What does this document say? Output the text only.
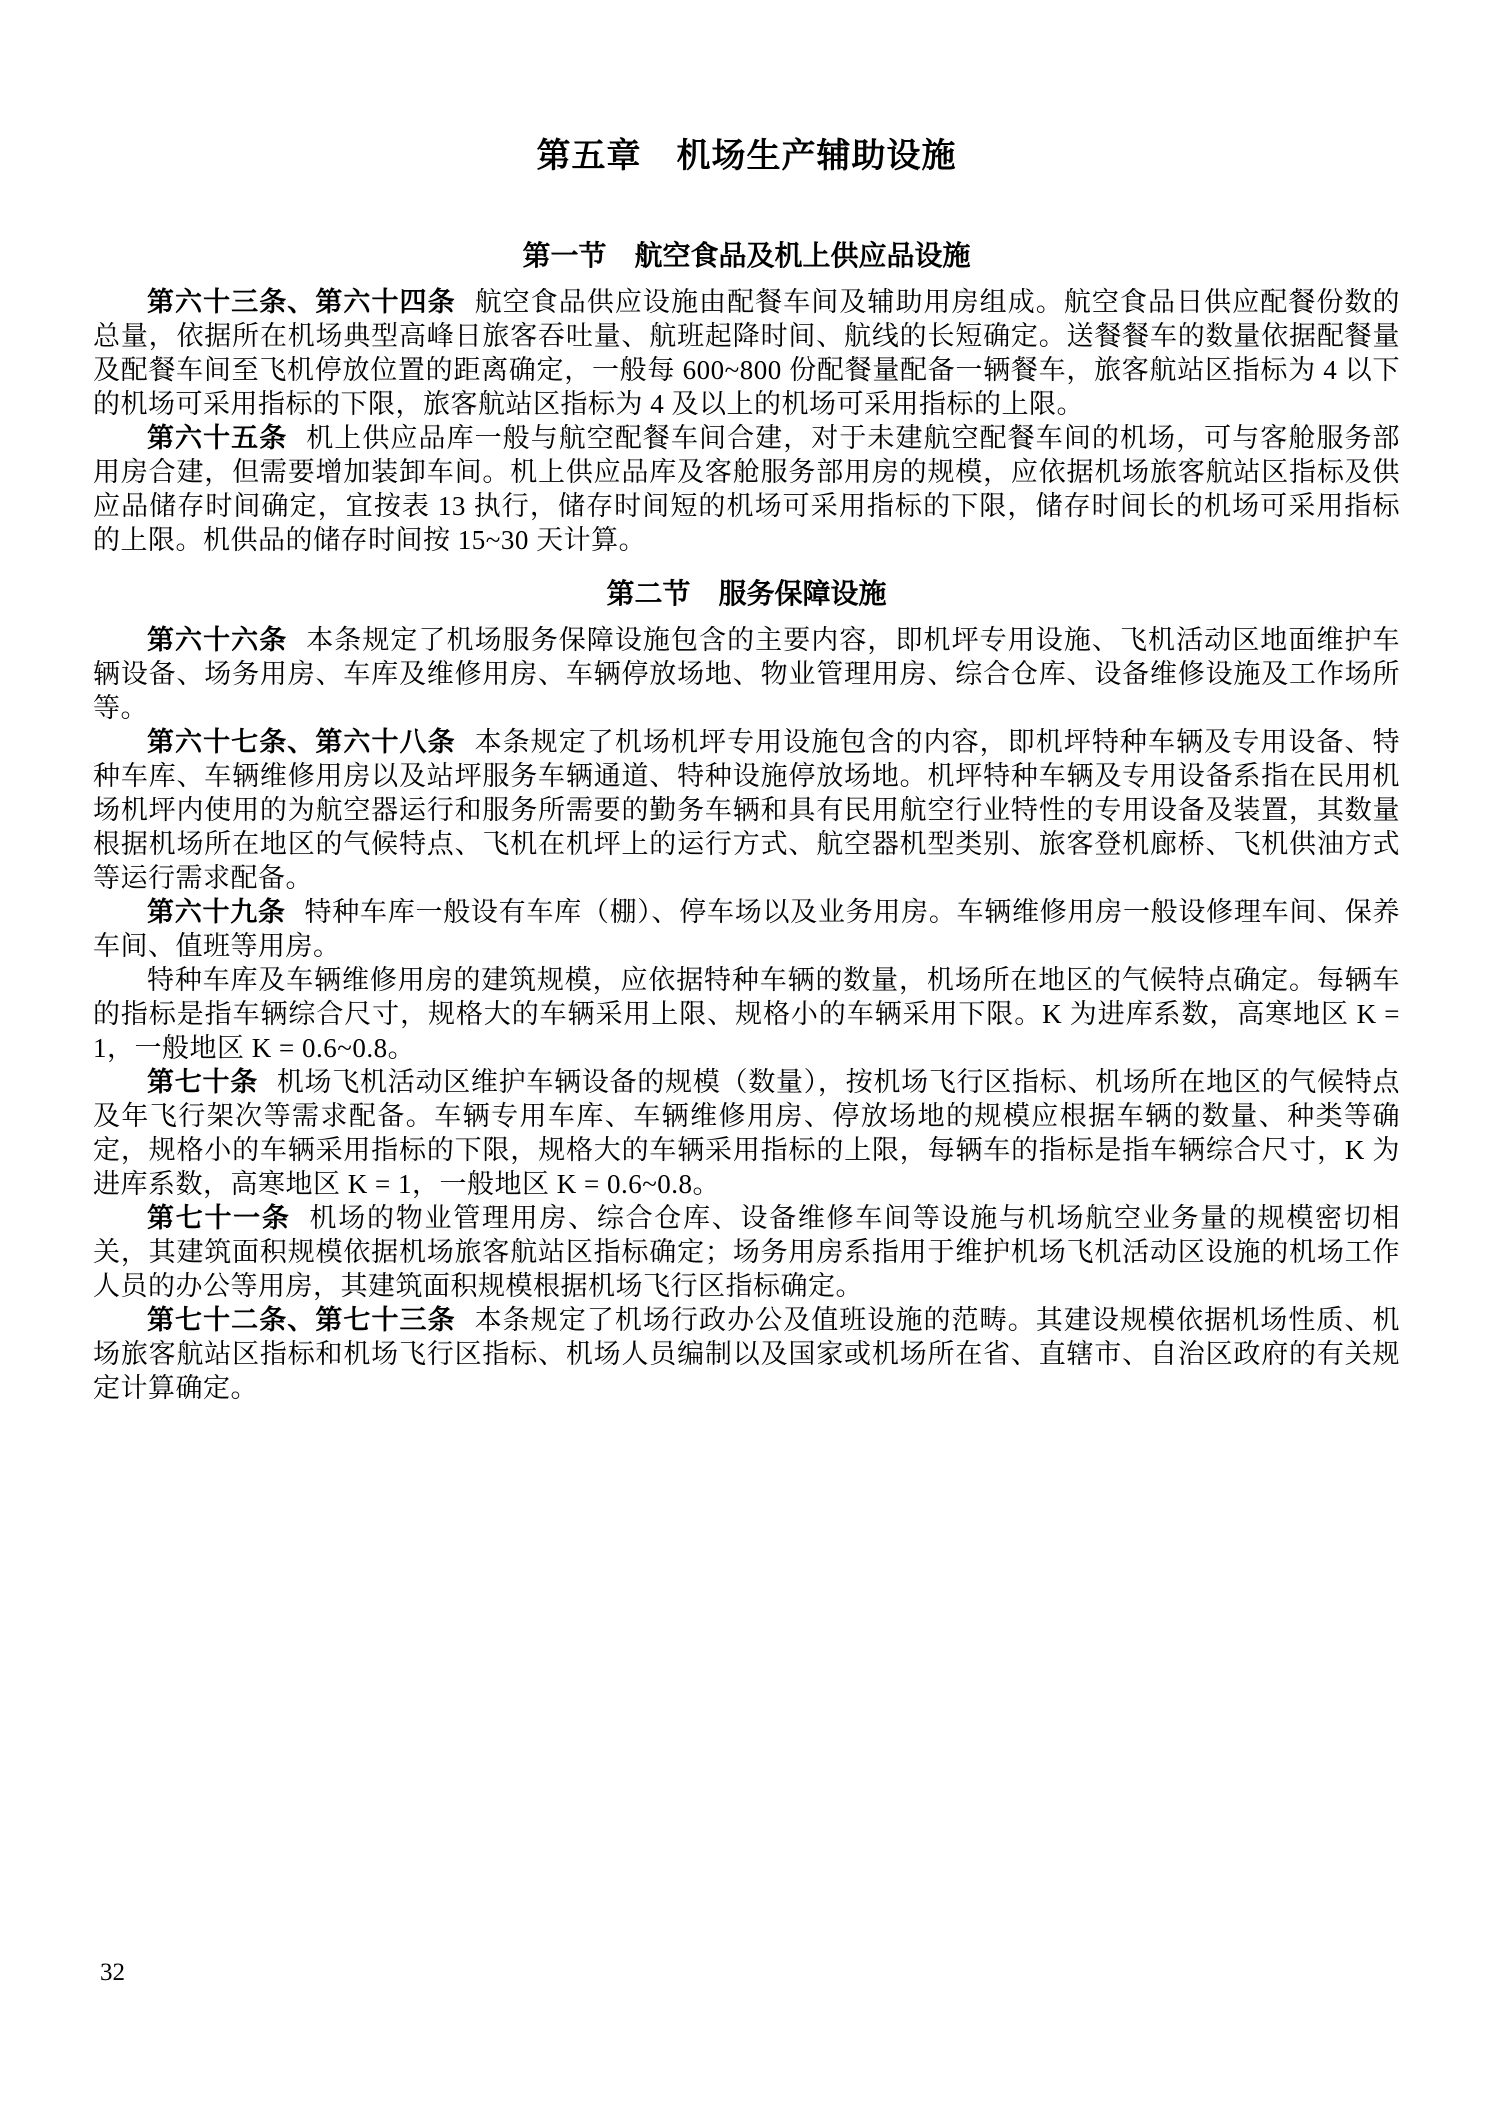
第五章　机场生产辅助设施
第一节　航空食品及机上供应品设施

第六十三条、第六十四条 航空食品供应设施由配餐车间及辅助用房组成。航空食品日供应配餐份数的总量，依据所在机场典型高峰日旅客吞吐量、航班起降时间、航线的长短确定。送餐餐车的数量依据配餐量及配餐车间至飞机停放位置的距离确定，一般每 600~800 份配餐量配备一辆餐车，旅客航站区指标为 4 以下的机场可采用指标的下限，旅客航站区指标为 4 及以上的机场可采用指标的上限。

第六十五条 机上供应品库一般与航空配餐车间合建，对于未建航空配餐车间的机场，可与客舱服务部用房合建，但需要增加装卸车间。机上供应品库及客舱服务部用房的规模，应依据机场旅客航站区指标及供应品储存时间确定，宜按表 13 执行，储存时间短的机场可采用指标的下限，储存时间长的机场可采用指标的上限。机供品的储存时间按 15~30 天计算。

第二节　服务保障设施

第六十六条 本条规定了机场服务保障设施包含的主要内容，即机坪专用设施、飞机活动区地面维护车辆设备、场务用房、车库及维修用房、车辆停放场地、物业管理用房、综合仓库、设备维修设施及工作场所等。

第六十七条、第六十八条 本条规定了机场机坪专用设施包含的内容，即机坪特种车辆及专用设备、特种车库、车辆维修用房以及站坪服务车辆通道、特种设施停放场地。机坪特种车辆及专用设备系指在民用机场机坪内使用的为航空器运行和服务所需要的勤务车辆和具有民用航空行业特性的专用设备及装置，其数量根据机场所在地区的气候特点、飞机在机坪上的运行方式、航空器机型类别、旅客登机廊桥、飞机供油方式等运行需求配备。

第六十九条 特种车库一般设有车库（棚）、停车场以及业务用房。车辆维修用房一般设修理车间、保养车间、值班等用房。

特种车库及车辆维修用房的建筑规模，应依据特种车辆的数量，机场所在地区的气候特点确定。每辆车的指标是指车辆综合尺寸，规格大的车辆采用上限、规格小的车辆采用下限。K 为进库系数，高寒地区 K = 1，一般地区 K = 0.6~0.8。

第七十条 机场飞机活动区维护车辆设备的规模（数量），按机场飞行区指标、机场所在地区的气候特点及年飞行架次等需求配备。车辆专用车库、车辆维修用房、停放场地的规模应根据车辆的数量、种类等确定，规格小的车辆采用指标的下限，规格大的车辆采用指标的上限，每辆车的指标是指车辆综合尺寸，K 为进库系数，高寒地区 K = 1，一般地区 K = 0.6~0.8。

第七十一条 机场的物业管理用房、综合仓库、设备维修车间等设施与机场航空业务量的规模密切相关，其建筑面积规模依据机场旅客航站区指标确定；场务用房系指用于维护机场飞机活动区设施的机场工作人员的办公等用房，其建筑面积规模根据机场飞行区指标确定。

第七十二条、第七十三条 本条规定了机场行政办公及值班设施的范畴。其建设规模依据机场性质、机场旅客航站区指标和机场飞行区指标、机场人员编制以及国家或机场所在省、直辖市、自治区政府的有关规定计算确定。

32
